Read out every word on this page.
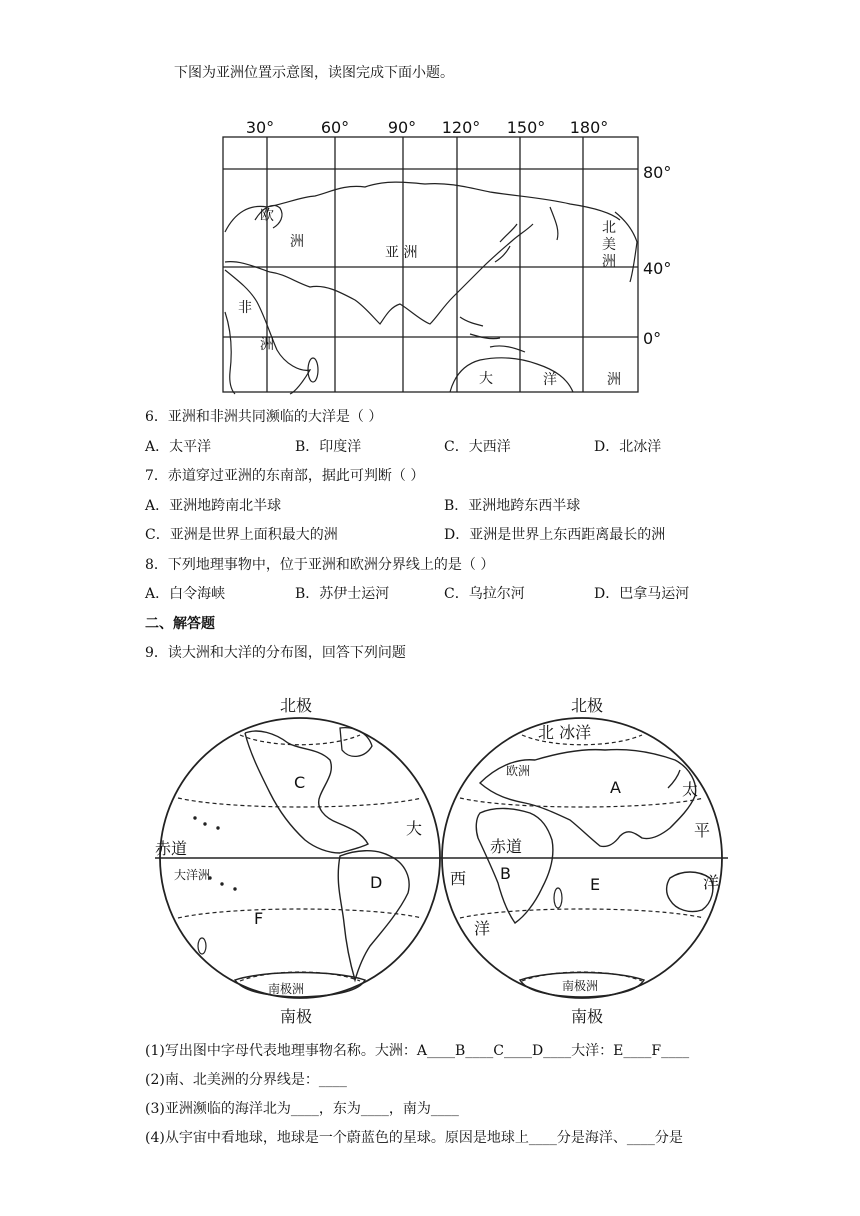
下图为亚洲位置示意图，读图完成下面小题。
30°	60° 90° 120° 150° 180°
80°
40°
0°
欧
洲
亚 洲
非
洲
北
美
洲
大	洋	洲
6．亚洲和非洲共同濒临的大洋是（ ）
A．太平洋	B．印度洋	C．大西洋	D．北冰洋
7．赤道穿过亚洲的东南部，据此可判断（ ）
A．亚洲地跨南北半球	B．亚洲地跨东西半球
C．亚洲是世界上面积最大的洲	D．亚洲是世界上东西距离最长的洲
8．下列地理事物中，位于亚洲和欧洲分界线上的是（ ）
A．白令海峡	B．苏伊士运河	C．乌拉尔河	D．巴拿马运河
二、解答题
9．读大洲和大洋的分布图，回答下列问题
北极
南极
北极
南极
赤道	赤道
C
D
F
大
A
B
E
太
平
洋
西
洋
北 冰洋
大洋洲
南极洲
欧洲
南极洲
(1)写出图中字母代表地理事物名称。大洲：A____B____C____D____大洋：E____F____
(2)南、北美洲的分界线是：____
(3)亚洲濒临的海洋北为____，东为____，南为____
(4)从宇宙中看地球，地球是一个蔚蓝色的星球。原因是地球上____分是海洋、____分是
